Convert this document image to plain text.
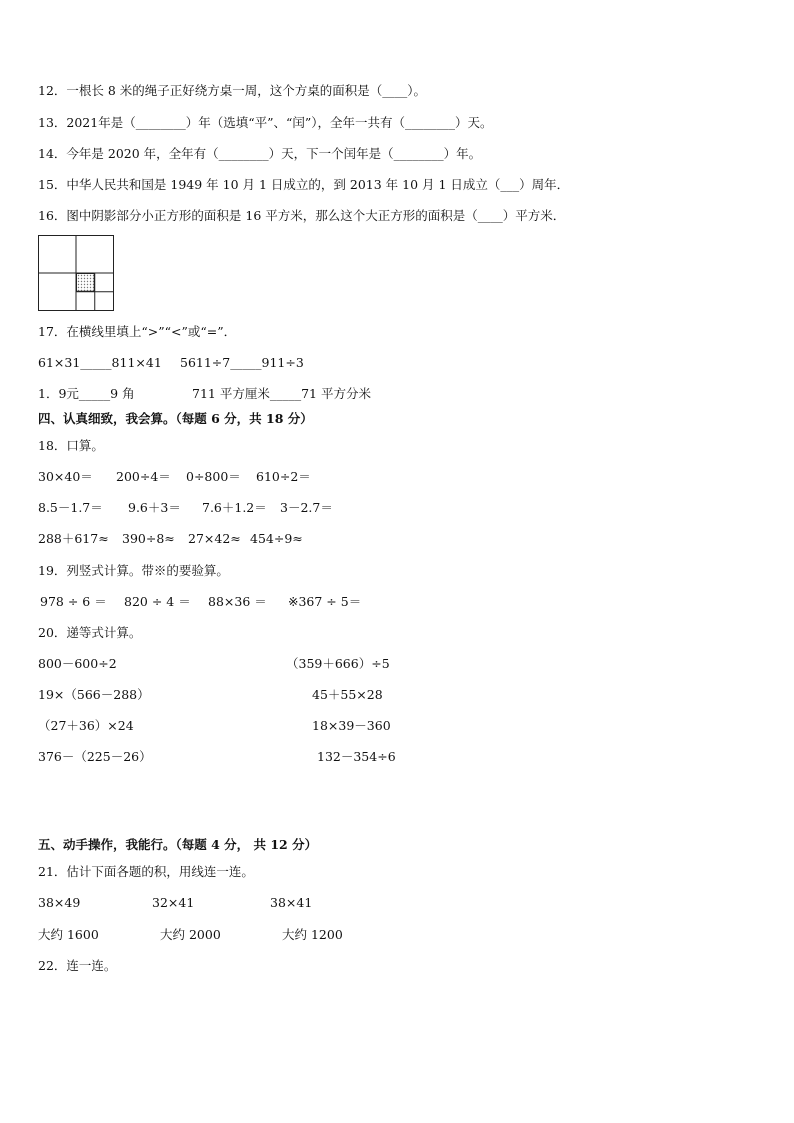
12．一根长 8 米的绳子正好绕方桌一周，这个方桌的面积是（____）。
13．2021年是（________）年（选填“平”、“闰”），全年一共有（________）天。
14．今年是 2020 年，全年有（________）天，下一个闰年是（________）年。
15．中华人民共和国是 1949 年 10 月 1 日成立的，到 2013 年 10 月 1 日成立（___）周年．
16．图中阴影部分小正方形的面积是 16 平方米，那么这个大正方形的面积是（____）平方米．
17．在横线里填上“>”“<”或“=”．
61×31_____811×41 5611÷7_____911÷3
1．9元_____9 角	711 平方厘米_____71 平方分米
四、认真细致，我会算。（每题 6 分，共 18 分）
18．口算。
30×40＝ 200÷4＝ 0÷800＝ 610÷2＝
8.5－1.7＝ 9.6＋3＝ 7.6＋1.2＝ 3－2.7＝
288＋617≈ 390÷8≈ 27×42≈ 454÷9≈
19．列竖式计算。带※的要验算。
978 ÷ 6 ＝ 820 ÷ 4 ＝ 88×36 ＝ ※367 ÷ 5＝
20．递等式计算。
800－600÷2	（359＋666）÷5
19×（566－288）	45＋55×28
（27＋36）×24	18×39－360
376－（225－26）	132－354÷6
五、动手操作，我能行。（每题 4 分， 共 12 分）
21．估计下面各题的积，用线连一连。
38×49	32×41	38×41
大约 1600	大约 2000	大约 1200
22．连一连。
